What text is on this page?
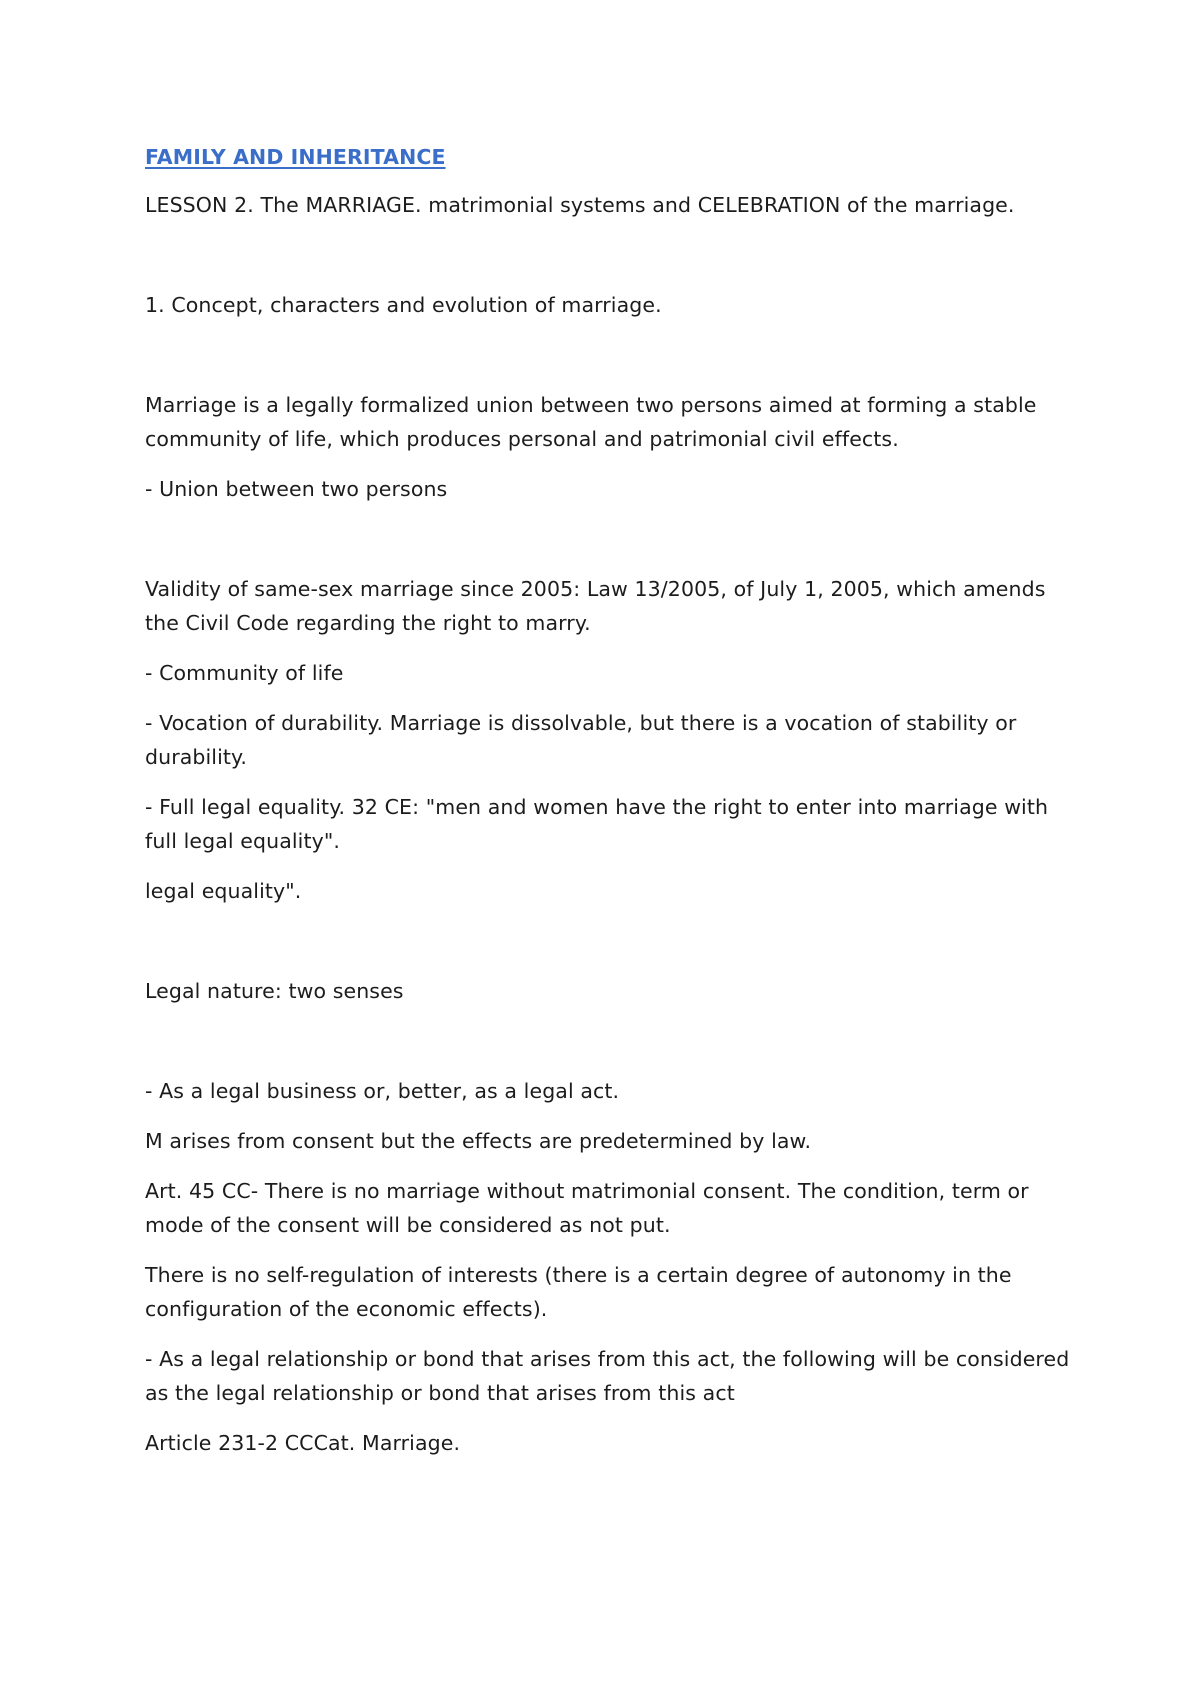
FAMILY AND INHERITANCE

LESSON 2. The MARRIAGE. matrimonial systems and CELEBRATION of the marriage.

1. Concept, characters and evolution of marriage.

Marriage is a legally formalized union between two persons aimed at forming a stable community of life, which produces personal and patrimonial civil effects.

- Union between two persons

Validity of same-sex marriage since 2005: Law 13/2005, of July 1, 2005, which amends the Civil Code regarding the right to marry.

- Community of life

- Vocation of durability. Marriage is dissolvable, but there is a vocation of stability or durability.

- Full legal equality. 32 CE: "men and women have the right to enter into marriage with full legal equality".

legal equality".

Legal nature: two senses

- As a legal business or, better, as a legal act.

M arises from consent but the effects are predetermined by law.

Art. 45 CC- There is no marriage without matrimonial consent. The condition, term or mode of the consent will be considered as not put.

There is no self-regulation of interests (there is a certain degree of autonomy in the configuration of the economic effects).

- As a legal relationship or bond that arises from this act, the following will be considered as the legal relationship or bond that arises from this act

Article 231-2 CCCat. Marriage.
